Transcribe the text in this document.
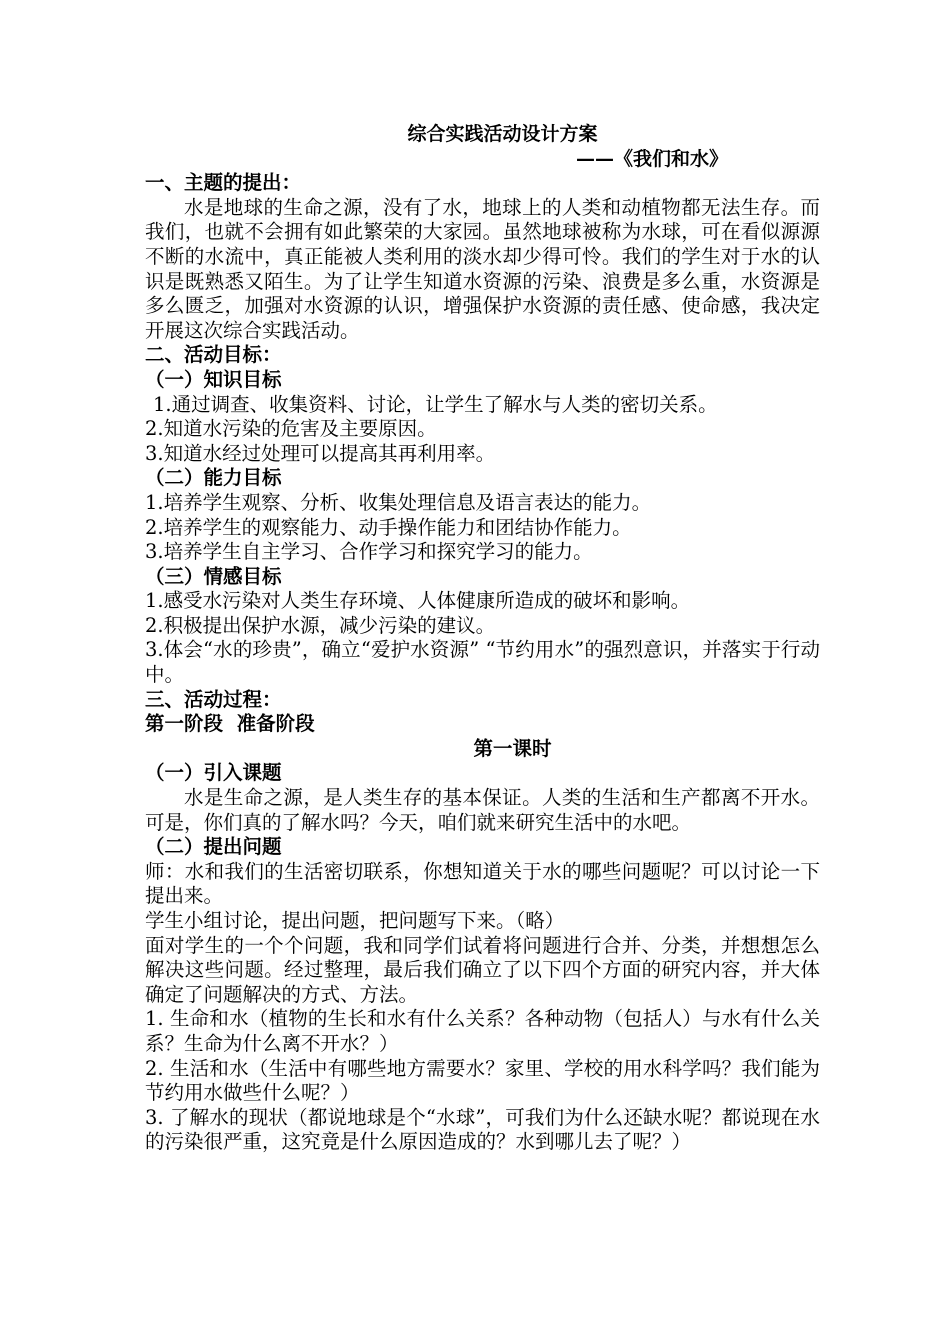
综合实践活动设计方案
——《我们和水》
一、主题的提出：

水是地球的生命之源，没有了水，地球上的人类和动植物都无法生存。而我们，也就不会拥有如此繁荣的大家园。虽然地球被称为水球，可在看似源源不断的水流中，真正能被人类利用的淡水却少得可怜。我们的学生对于水的认识是既熟悉又陌生。为了让学生知道水资源的污染、浪费是多么重，水资源是多么匮乏，加强对水资源的认识，增强保护水资源的责任感、使命感，我决定开展这次综合实践活动。

二、活动目标：
（一）知识目标
1.通过调查、收集资料、讨论，让学生了解水与人类的密切关系。
2.知道水污染的危害及主要原因。
3.知道水经过处理可以提高其再利用率。
（二）能力目标
1.培养学生观察、分析、收集处理信息及语言表达的能力。
2.培养学生的观察能力、动手操作能力和团结协作能力。
3.培养学生自主学习、合作学习和探究学习的能力。
（三）情感目标
1.感受水污染对人类生存环境、人体健康所造成的破坏和影响。
2.积极提出保护水源，减少污染的建议。
3.体会“水的珍贵”，确立“爱护水资源” “节约用水”的强烈意识，并落实于行动中。
三、活动过程：
第一阶段  准备阶段
第一课时
（一）引入课题

水是生命之源，是人类生存的基本保证。人类的生活和生产都离不开水。可是，你们真的了解水吗？今天，咱们就来研究生活中的水吧。

（二）提出问题
师：水和我们的生活密切联系，你想知道关于水的哪些问题呢？可以讨论一下提出来。
学生小组讨论，提出问题，把问题写下来。（略）
面对学生的一个个问题，我和同学们试着将问题进行合并、分类，并想想怎么解决这些问题。经过整理，最后我们确立了以下四个方面的研究内容，并大体确定了问题解决的方式、方法。
1. 生命和水（植物的生长和水有什么关系？各种动物（包括人）与水有什么关系？生命为什么离不开水？）
2. 生活和水（生活中有哪些地方需要水？家里、学校的用水科学吗？我们能为节约用水做些什么呢？）
3. 了解水的现状（都说地球是个“水球”，可我们为什么还缺水呢？都说现在水的污染很严重，这究竟是什么原因造成的？水到哪儿去了呢？）
